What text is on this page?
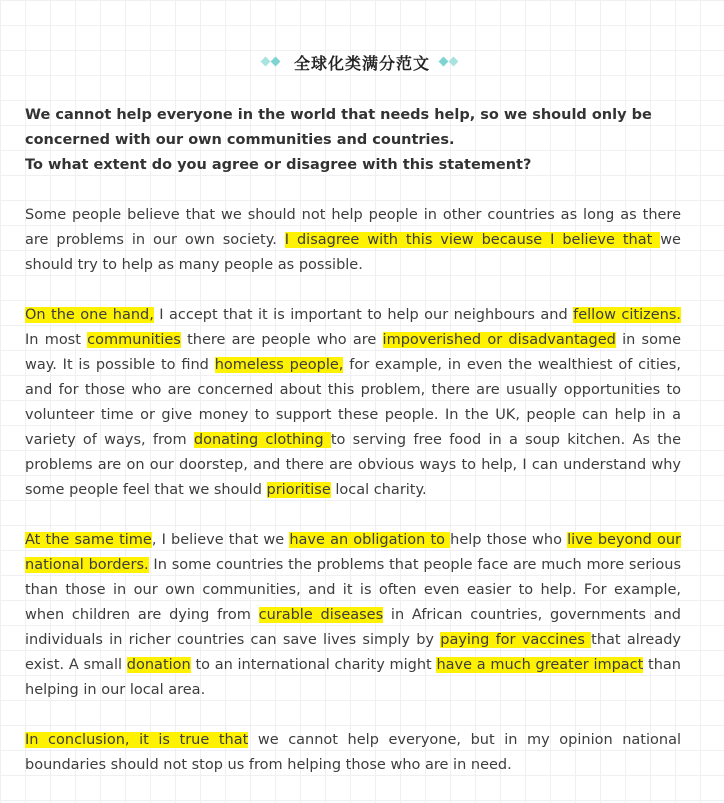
全球化类满分范文

We cannot help everyone in the world that needs help, so we should only be concerned with our own communities and countries.

To what extent do you agree or disagree with this statement?

Some people believe that we should not help people in other countries as long as there are problems in our own society. I disagree with this view because I believe that we should try to help as many people as possible.

On the one hand, I accept that it is important to help our neighbours and fellow citizens. In most communities there are people who are impoverished or disadvantaged in some way. It is possible to find homeless people, for example, in even the wealthiest of cities, and for those who are concerned about this problem, there are usually opportunities to volunteer time or give money to support these people. In the UK, people can help in a variety of ways, from donating clothing to serving free food in a soup kitchen. As the problems are on our doorstep, and there are obvious ways to help, I can understand why some people feel that we should prioritise local charity.

At the same time, I believe that we have an obligation to help those who live beyond our national borders. In some countries the problems that people face are much more serious than those in our own communities, and it is often even easier to help. For example, when children are dying from curable diseases in African countries, governments and individuals in richer countries can save lives simply by paying for vaccines that already exist. A small donation to an international charity might have a much greater impact than helping in our local area.

In conclusion, it is true that we cannot help everyone, but in my opinion national boundaries should not stop us from helping those who are in need.
